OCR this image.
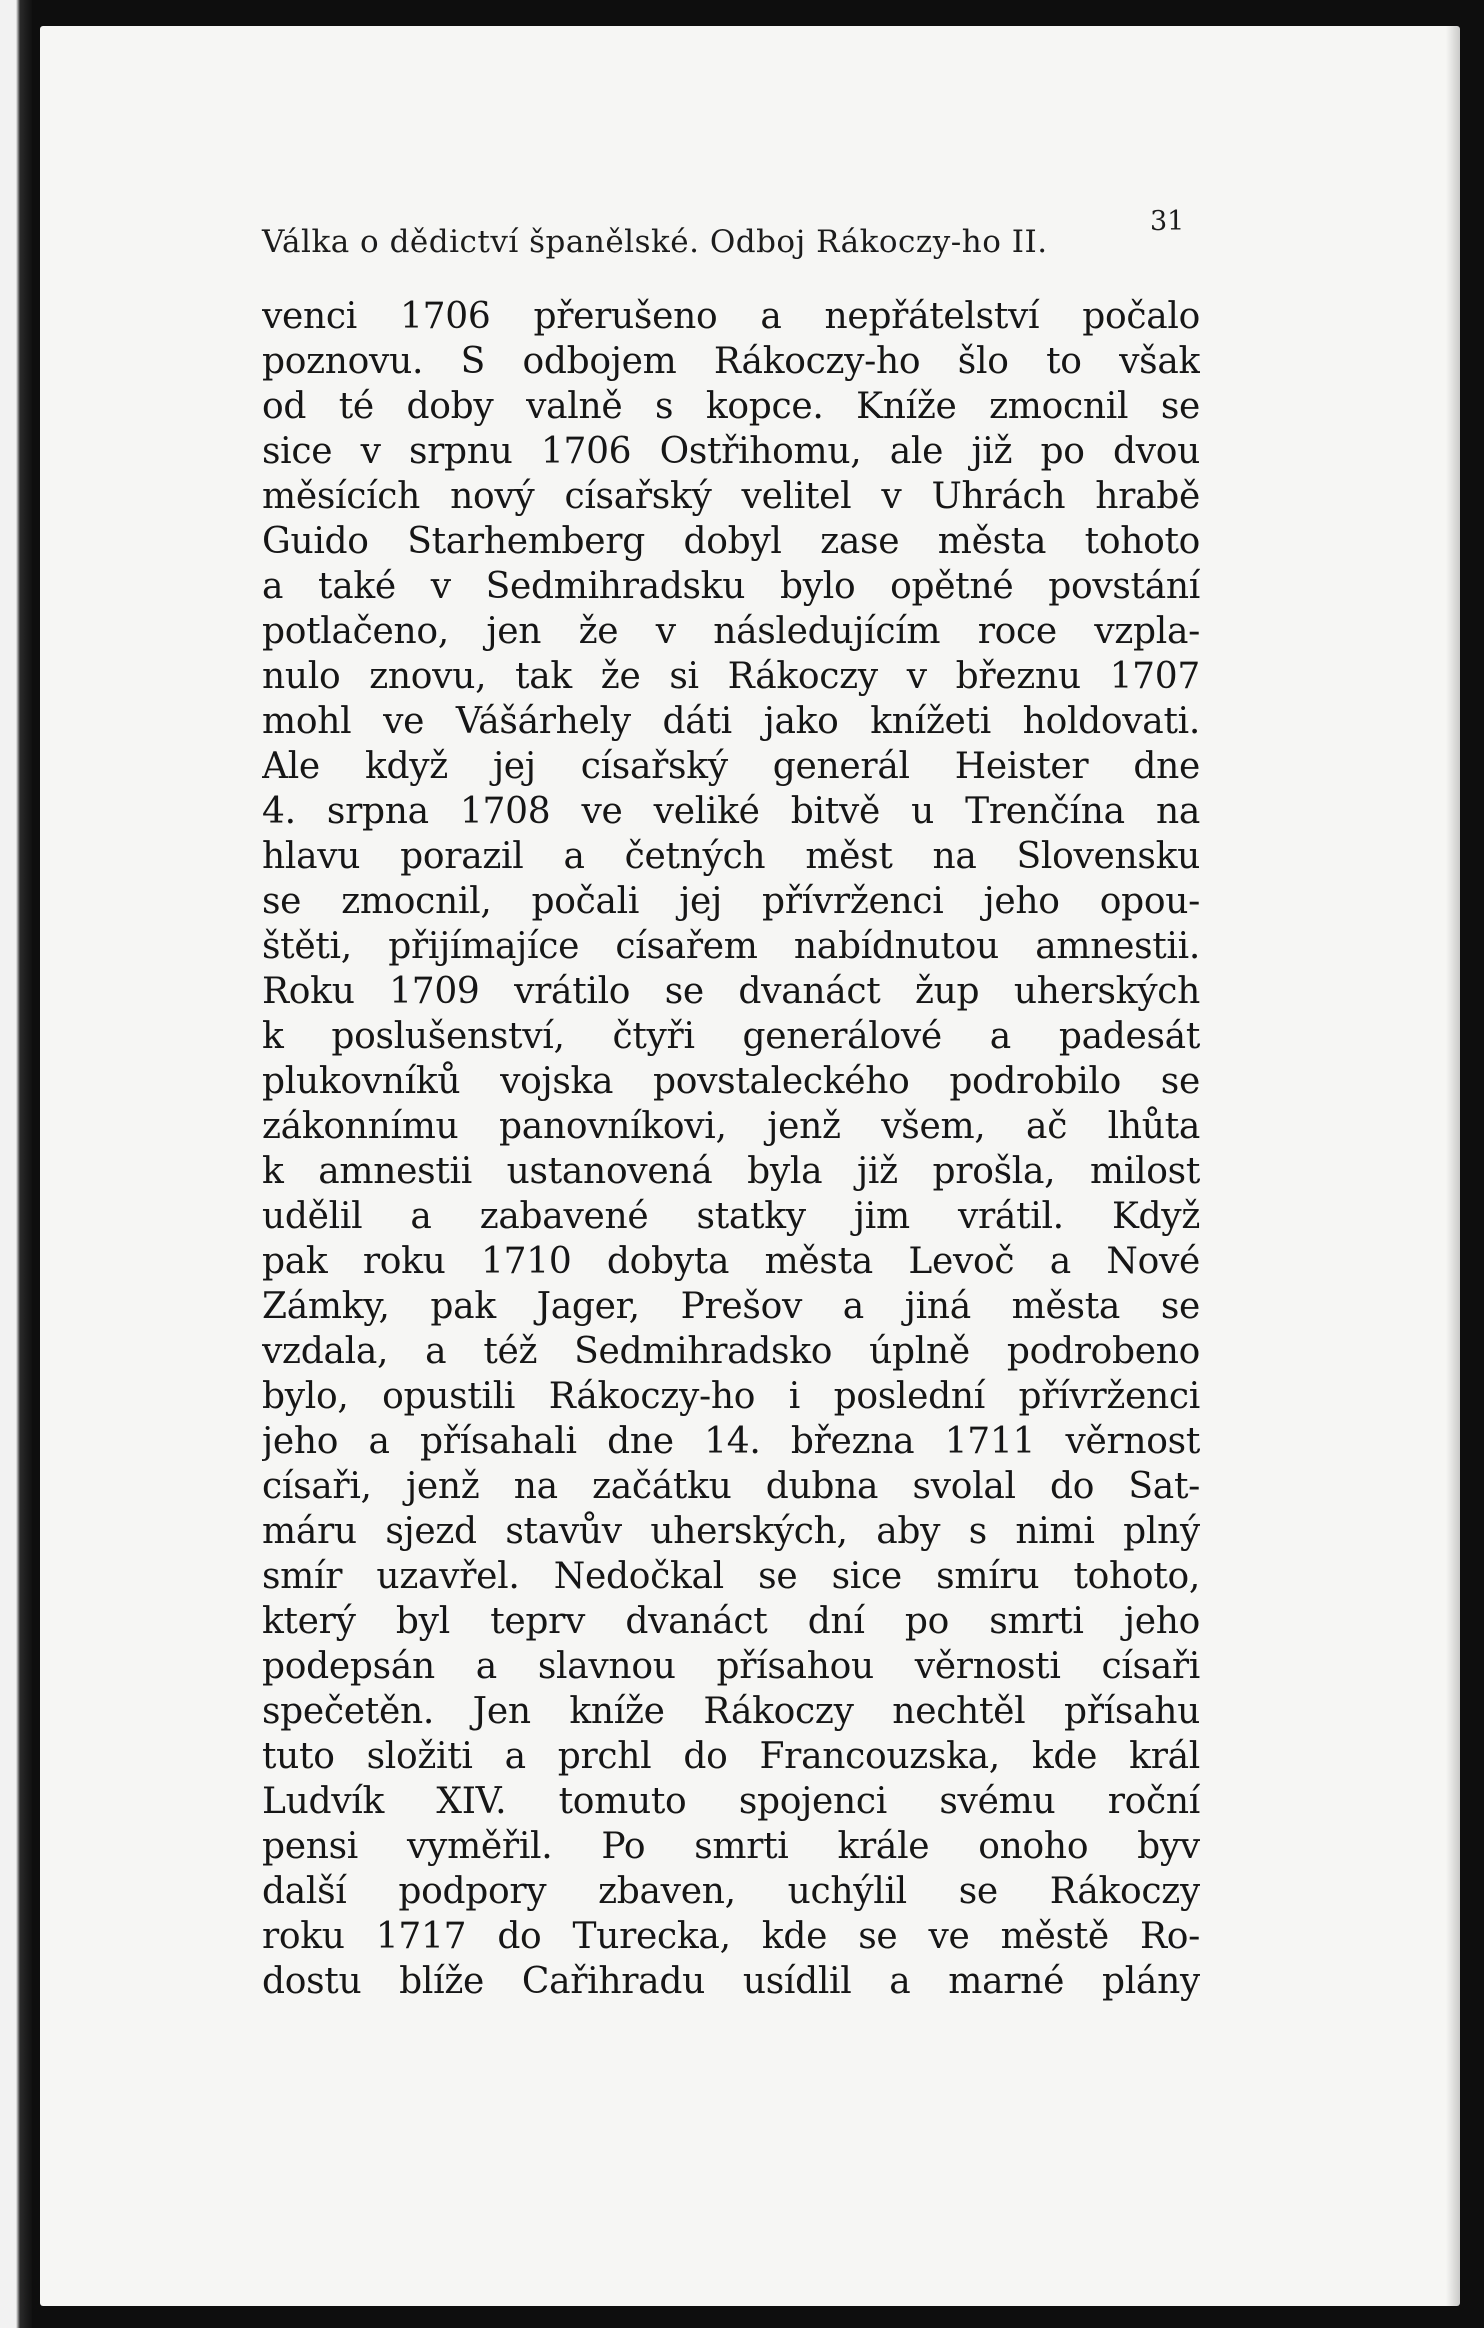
Válka o dědictví španělské. Odboj Rákoczy-ho II.
31
venci 1706 přerušeno a nepřátelství počalo
poznovu. S odbojem Rákoczy-ho šlo to však
od té doby valně s kopce. Kníže zmocnil se
sice v srpnu 1706 Ostřihomu, ale již po dvou
měsících nový císařský velitel v Uhrách hrabě
Guido Starhemberg dobyl zase města tohoto
a také v Sedmihradsku bylo opětné povstání
potlačeno, jen že v následujícím roce vzpla-
nulo znovu, tak že si Rákoczy v březnu 1707
mohl ve Vášárhely dáti jako knížeti holdovati.
Ale když jej císařský generál Heister dne
4. srpna 1708 ve veliké bitvě u Trenčína na
hlavu porazil a četných měst na Slovensku
se zmocnil, počali jej přívrženci jeho opou-
štěti, přijímajíce císařem nabídnutou amnestii.
Roku 1709 vrátilo se dvanáct žup uherských
k poslušenství, čtyři generálové a padesát
plukovníků vojska povstaleckého podrobilo se
zákonnímu panovníkovi, jenž všem, ač lhůta
k amnestii ustanovená byla již prošla, milost
udělil a zabavené statky jim vrátil. Když
pak roku 1710 dobyta města Levoč a Nové
Zámky, pak Jager, Prešov a jiná města se
vzdala, a též Sedmihradsko úplně podrobeno
bylo, opustili Rákoczy-ho i poslední přívrženci
jeho a přísahali dne 14. března 1711 věrnost
císaři, jenž na začátku dubna svolal do Sat-
máru sjezd stavův uherských, aby s nimi plný
smír uzavřel. Nedočkal se sice smíru tohoto,
který byl teprv dvanáct dní po smrti jeho
podepsán a slavnou přísahou věrnosti císaři
spečetěn. Jen kníže Rákoczy nechtěl přísahu
tuto složiti a prchl do Francouzska, kde král
Ludvík XIV. tomuto spojenci svému roční
pensi vyměřil. Po smrti krále onoho byv
další podpory zbaven, uchýlil se Rákoczy
roku 1717 do Turecka, kde se ve městě Ro-
dostu blíže Cařihradu usídlil a marné plány
